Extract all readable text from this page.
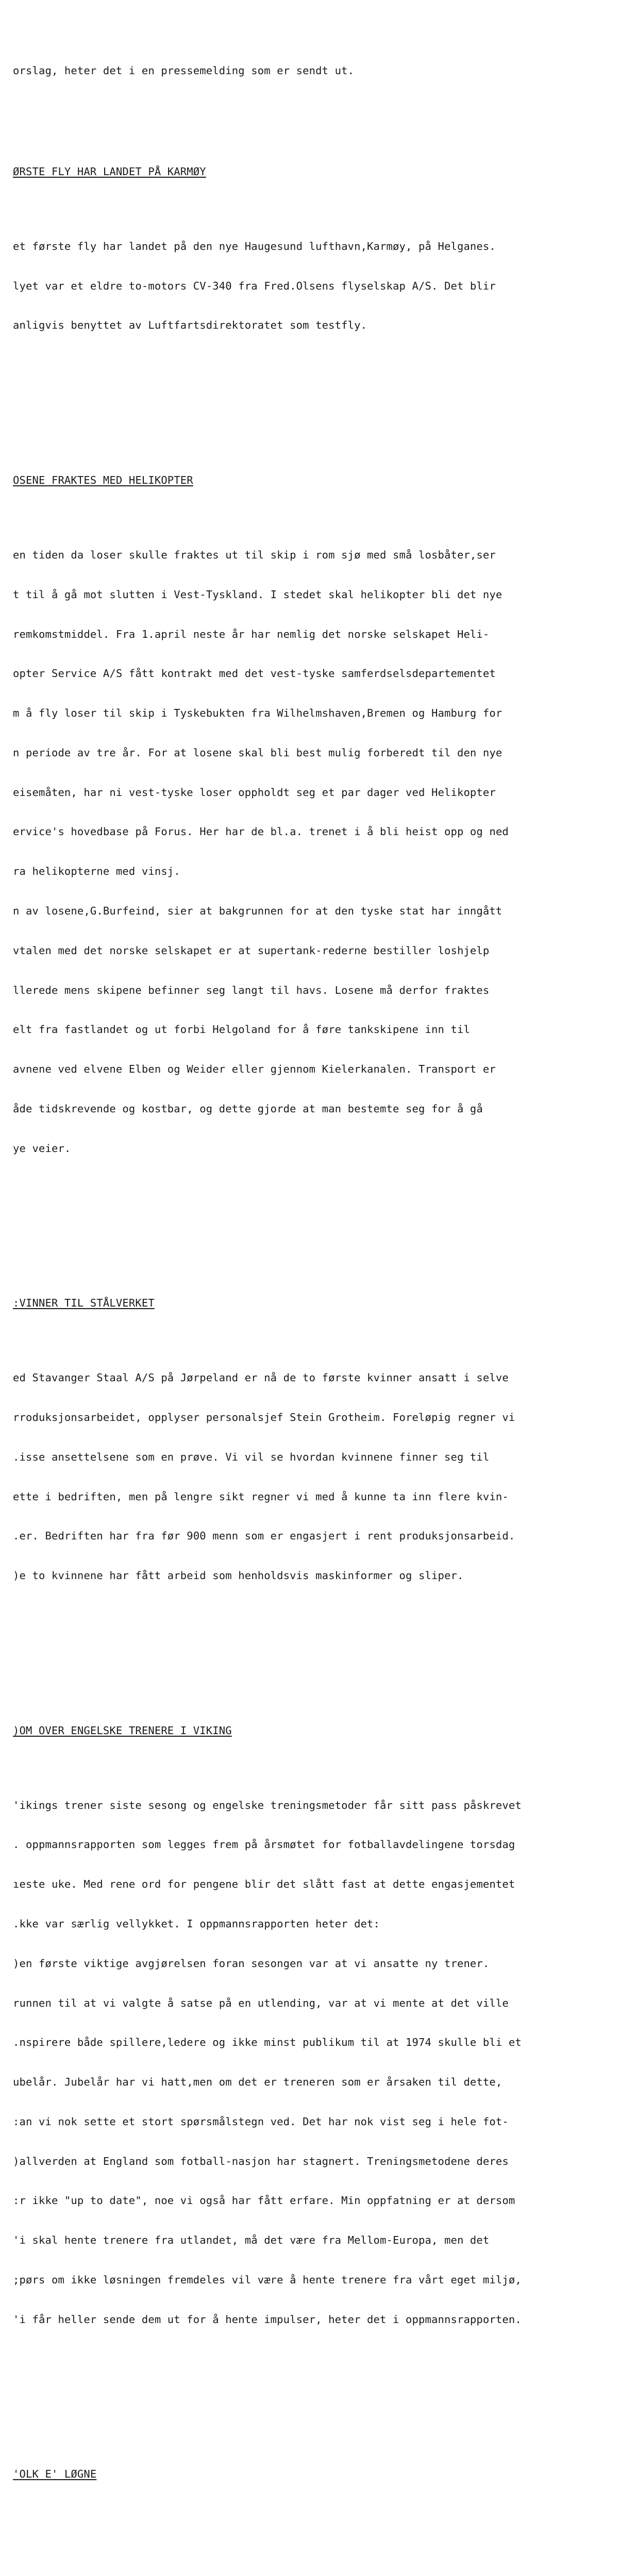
orslag, heter det i en pressemelding som er sendt ut.

ØRSTE FLY HAR LANDET PÅ KARMØY

et første fly har landet på den nye Haugesund lufthavn,Karmøy, på Helganes.

lyet var et eldre to-motors CV-340 fra Fred.Olsens flyselskap A/S. Det blir

anligvis benyttet av Luftfartsdirektoratet som testfly.

OSENE FRAKTES MED HELIKOPTER

en tiden da loser skulle fraktes ut til skip i rom sjø med små losbåter,ser

t til å gå mot slutten i Vest-Tyskland. I stedet skal helikopter bli det nye

remkomstmiddel. Fra 1.april neste år har nemlig det norske selskapet Heli-

opter Service A/S fått kontrakt med det vest-tyske samferdselsdepartementet

m å fly loser til skip i Tyskebukten fra Wilhelmshaven,Bremen og Hamburg for

n periode av tre år. For at losene skal bli best mulig forberedt til den nye

eisemåten, har ni vest-tyske loser oppholdt seg et par dager ved Helikopter

ervice's hovedbase på Forus. Her har de bl.a. trenet i å bli heist opp og ned

ra helikopterne med vinsj.

n av losene,G.Burfeind, sier at bakgrunnen for at den tyske stat har inngått

vtalen med det norske selskapet er at supertank-rederne bestiller loshjelp

llerede mens skipene befinner seg langt til havs. Losene må derfor fraktes

elt fra fastlandet og ut forbi Helgoland for å føre tankskipene inn til

avnene ved elvene Elben og Weider eller gjennom Kielerkanalen. Transport er

åde tidskrevende og kostbar, og dette gjorde at man bestemte seg for å gå

ye veier.

:VINNER TIL STÅLVERKET

ed Stavanger Staal A/S på Jørpeland er nå de to første kvinner ansatt i selve

rroduksjonsarbeidet, opplyser personalsjef Stein Grotheim. Foreløpig regner vi

.isse ansettelsene som en prøve. Vi vil se hvordan kvinnene finner seg til

ette i bedriften, men på lengre sikt regner vi med å kunne ta inn flere kvin-

.er. Bedriften har fra før 900 menn som er engasjert i rent produksjonsarbeid.

)e to kvinnene har fått arbeid som henholdsvis maskinformer og sliper.

)OM OVER ENGELSKE TRENERE I VIKING

'ikings trener siste sesong og engelske treningsmetoder får sitt pass påskrevet

. oppmannsrapporten som legges frem på årsmøtet for fotballavdelingene torsdag

ıeste uke. Med rene ord for pengene blir det slått fast at dette engasjementet

.kke var særlig vellykket. I oppmannsrapporten heter det:

)en første viktige avgjørelsen foran sesongen var at vi ansatte ny trener.

runnen til at vi valgte å satse på en utlending, var at vi mente at det ville

.nspirere både spillere,ledere og ikke minst publikum til at 1974 skulle bli et

ubelår. Jubelår har vi hatt,men om det er treneren som er årsaken til dette,

:an vi nok sette et stort spørsmålstegn ved. Det har nok vist seg i hele fot-

)allverden at England som fotball-nasjon har stagnert. Treningsmetodene deres

:r ikke "up to date", noe vi også har fått erfare. Min oppfatning er at dersom

'i skal hente trenere fra utlandet, må det være fra Mellom-Europa, men det

;pørs om ikke løsningen fremdeles vil være å hente trenere fra vårt eget miljø,

'i får heller sende dem ut for å hente impulser, heter det i oppmannsrapporten.

'OLK E' LØGNE
